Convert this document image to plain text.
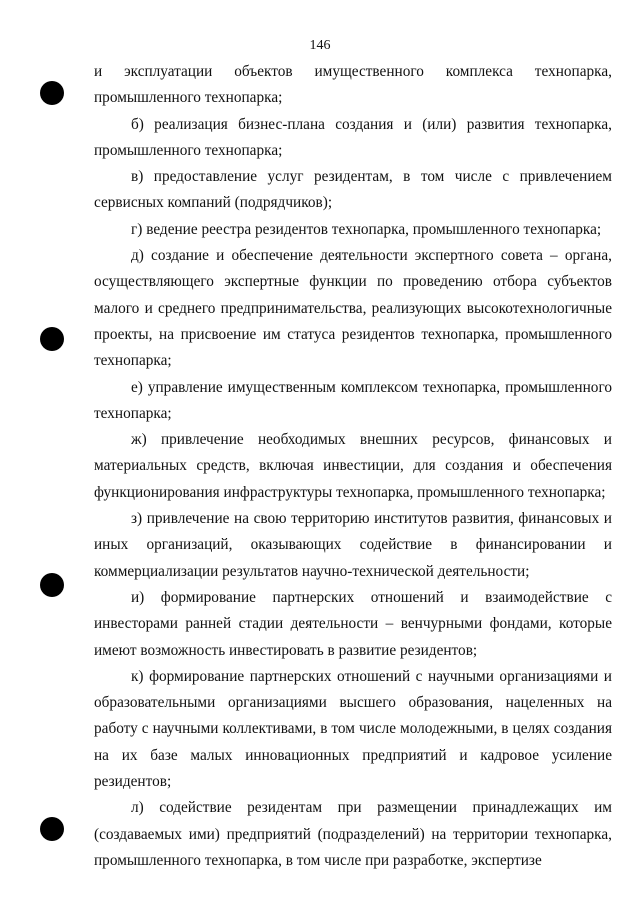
146

и эксплуатации объектов имущественного комплекса технопарка, промышленного технопарка;

б) реализация бизнес-плана создания и (или) развития технопарка, промышленного технопарка;

в) предоставление услуг резидентам, в том числе с привлечением сервисных компаний (подрядчиков);

г) ведение реестра резидентов технопарка, промышленного технопарка;

д) создание и обеспечение деятельности экспертного совета – органа, осуществляющего экспертные функции по проведению отбора субъектов малого и среднего предпринимательства, реализующих высокотехнологичные проекты, на присвоение им статуса резидентов технопарка, промышленного технопарка;

е) управление имущественным комплексом технопарка, промышленного технопарка;

ж) привлечение необходимых внешних ресурсов, финансовых и материальных средств, включая инвестиции, для создания и обеспечения функционирования инфраструктуры технопарка, промышленного технопарка;

з) привлечение на свою территорию институтов развития, финансовых и иных организаций, оказывающих содействие в финансировании и коммерциализации результатов научно-технической деятельности;

и) формирование партнерских отношений и взаимодействие с инвесторами ранней стадии деятельности – венчурными фондами, которые имеют возможность инвестировать в развитие резидентов;

к) формирование партнерских отношений с научными организациями и образовательными организациями высшего образования, нацеленных на работу с научными коллективами, в том числе молодежными, в целях создания на их базе малых инновационных предприятий и кадровое усиление резидентов;

л) содействие резидентам при размещении принадлежащих им (создаваемых ими) предприятий (подразделений) на территории технопарка, промышленного технопарка, в том числе при разработке, экспертизе
